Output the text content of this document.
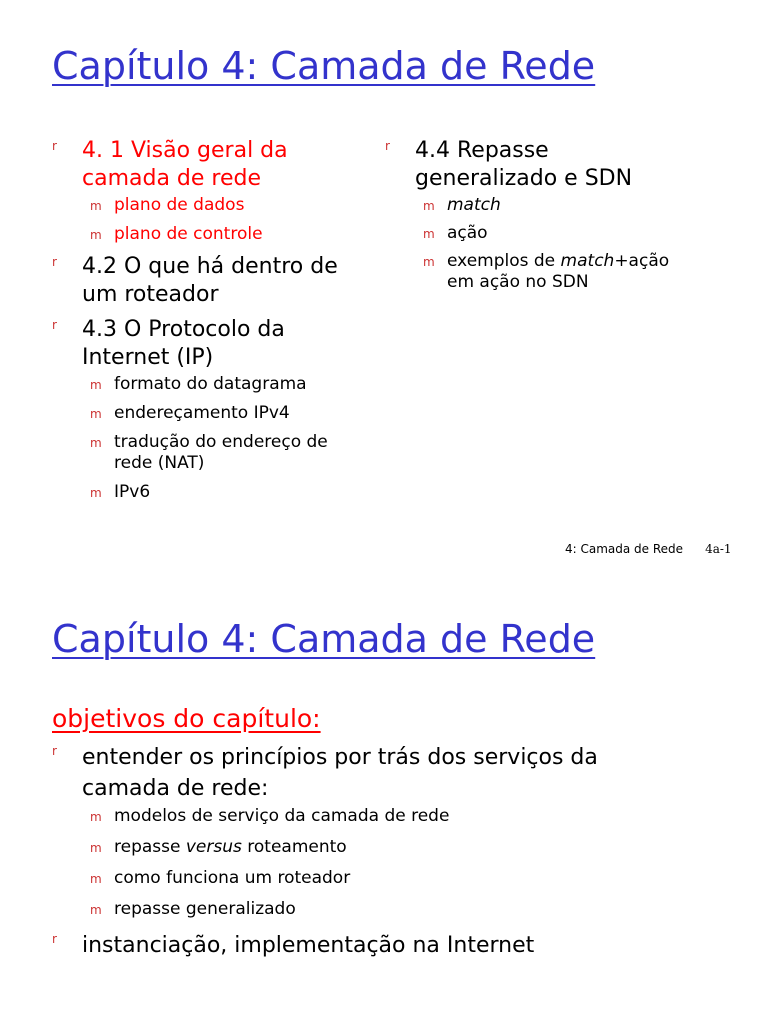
Capítulo 4: Camada de Rede
r 4. 1 Visão geral da camada de rede
m plano de dados
m plano de controle
r 4.2 O que há dentro de um roteador
r 4.3 O Protocolo da Internet (IP)
m formato do datagrama
m endereçamento IPv4
m tradução do endereço de rede (NAT)
m IPv6
r 4.4 Repasse generalizado e SDN
m match
m ação
m exemplos de match+ação em ação no SDN
4: Camada de Rede 4a-1
Capítulo 4: Camada de Rede
objetivos do capítulo:
r entender os princípios por trás dos serviços da camada de rede:
m modelos de serviço da camada de rede
m repasse versus roteamento
m como funciona um roteador
m repasse generalizado
r instanciação, implementação na Internet
